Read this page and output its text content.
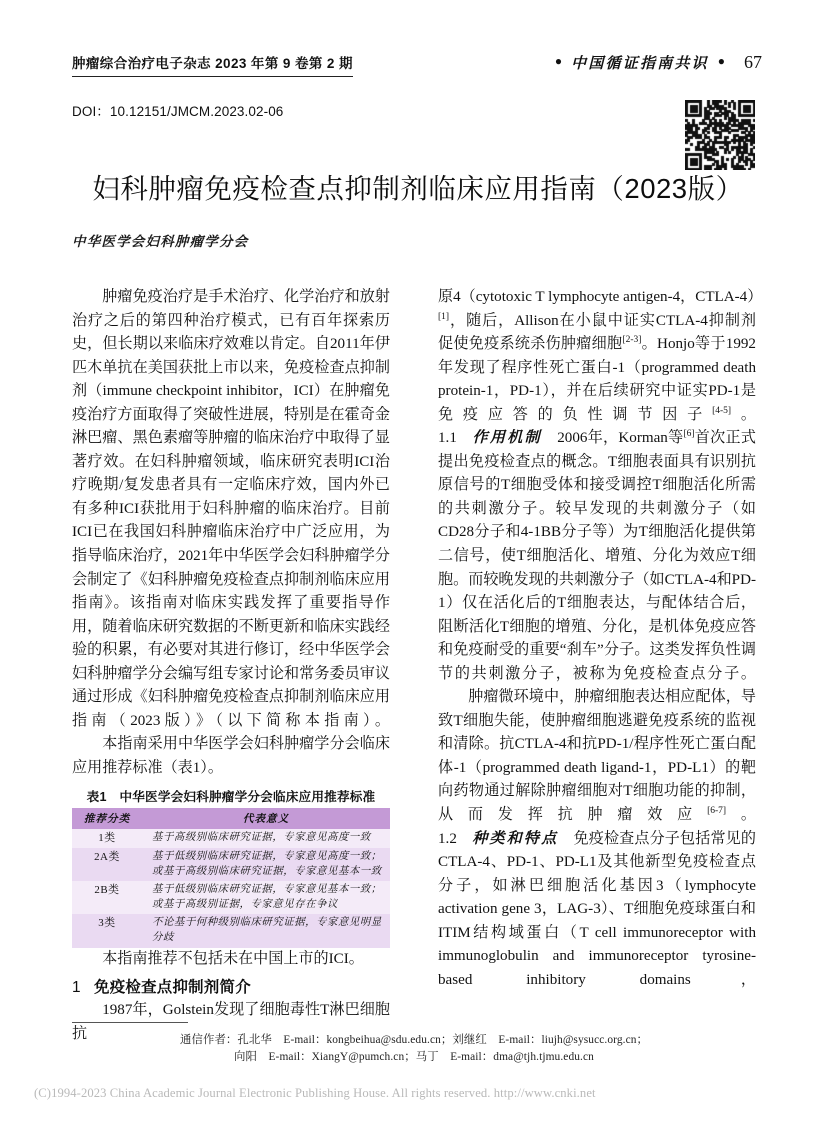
肿瘤综合治疗电子杂志 2023 年第 9 卷第 2 期	● 中国循证指南共识 ● 67
DOI：10.12151/JMCM.2023.02-06
妇科肿瘤免疫检查点抑制剂临床应用指南（2023版）
中华医学会妇科肿瘤学分会

肿瘤免疫治疗是手术治疗、化学治疗和放射治疗之后的第四种治疗模式，已有百年探索历史，但长期以来临床疗效难以肯定。自2011年伊匹木单抗在美国获批上市以来，免疫检查点抑制剂（immune checkpoint inhibitor，ICI）在肿瘤免疫治疗方面取得了突破性进展，特别是在霍奇金淋巴瘤、黑色素瘤等肿瘤的临床治疗中取得了显著疗效。在妇科肿瘤领域，临床研究表明ICI治疗晚期/复发患者具有一定临床疗效，国内外已有多种ICI获批用于妇科肿瘤的临床治疗。目前ICI已在我国妇科肿瘤临床治疗中广泛应用，为指导临床治疗，2021年中华医学会妇科肿瘤学分会制定了《妇科肿瘤免疫检查点抑制剂临床应用指南》。该指南对临床实践发挥了重要指导作用，随着临床研究数据的不断更新和临床实践经验的积累，有必要对其进行修订，经中华医学会妇科肿瘤学分会编写组专家讨论和常务委员审议通过形成《妇科肿瘤免疫检查点抑制剂临床应用指南（2023版）》（以下简称本指南）。

本指南采用中华医学会妇科肿瘤学分会临床应用推荐标准（表1）。

表1　中华医学会妇科肿瘤学分会临床应用推荐标准
推荐分类	代表意义
1类	基于高级别临床研究证据，专家意见高度一致
2A类	基于低级别临床研究证据，专家意见高度一致；
或基于高级别临床研究证据，专家意见基本一致

2B类	基于低级别临床研究证据，专家意见基本一致；
或基于高级别证据，专家意见存在争议

3类	不论基于何种级别临床研究证据，专家意见明显分歧

本指南推荐不包括未在中国上市的ICI。

1 免疫检查点抑制剂简介

1987年，Golstein发现了细胞毒性T淋巴细胞抗

原4（cytotoxic T lymphocyte antigen-4，CTLA-4）[1]，随后，Allison在小鼠中证实CTLA-4抑制剂促使免疫系统杀伤肿瘤细胞[2-3]。Honjo等于1992年发现了程序性死亡蛋白-1（programmed death protein-1，PD-1），并在后续研究中证实PD-1是免疫应答的负性调节因子[4-5]。

1.1　 作用机制　 2006年，Korman等[6]首次正式提出免疫检查点的概念。T细胞表面具有识别抗原信号的T细胞受体和接受调控T细胞活化所需的共刺激分子。较早发现的共刺激分子（如CD28分子和4-1BB分子等）为T细胞活化提供第二信号，使T细胞活化、增殖、分化为效应T细胞。而较晚发现的共刺激分子（如CTLA-4和PD-1）仅在活化后的T细胞表达，与配体结合后，阻断活化T细胞的增殖、分化，是机体免疫应答和免疫耐受的重要“刹车”分子。这类发挥负性调节的共刺激分子，被称为免疫检查点分子。

肿瘤微环境中，肿瘤细胞表达相应配体，导致T细胞失能，使肿瘤细胞逃避免疫系统的监视和清除。抗CTLA-4和抗PD-1/程序性死亡蛋白配体-1（programmed death ligand-1，PD-L1）的靶向药物通过解除肿瘤细胞对T细胞功能的抑制，从而发挥抗肿瘤效应[6-7]。

1.2　 种类和特点　 免疫检查点分子包括常见的CTLA-4、PD-1、PD-L1及其他新型免疫检查点分子，如淋巴细胞活化基因3（lymphocyte activation gene 3，LAG-3）、T细胞免疫球蛋白和ITIM结构域蛋白（T cell immunoreceptor with immunoglobulin and immunoreceptor tyrosine-based inhibitory domains，

通信作者：孔北华　E-mail：kongbeihua@sdu.edu.cn；刘继红　E-mail：liujh@sysucc.org.cn；
向阳　E-mail：XiangY@pumch.cn；马丁　E-mail：dma@tjh.tjmu.edu.cn
(C)1994-2023 China Academic Journal Electronic Publishing House. All rights reserved. http://www.cnki.net
